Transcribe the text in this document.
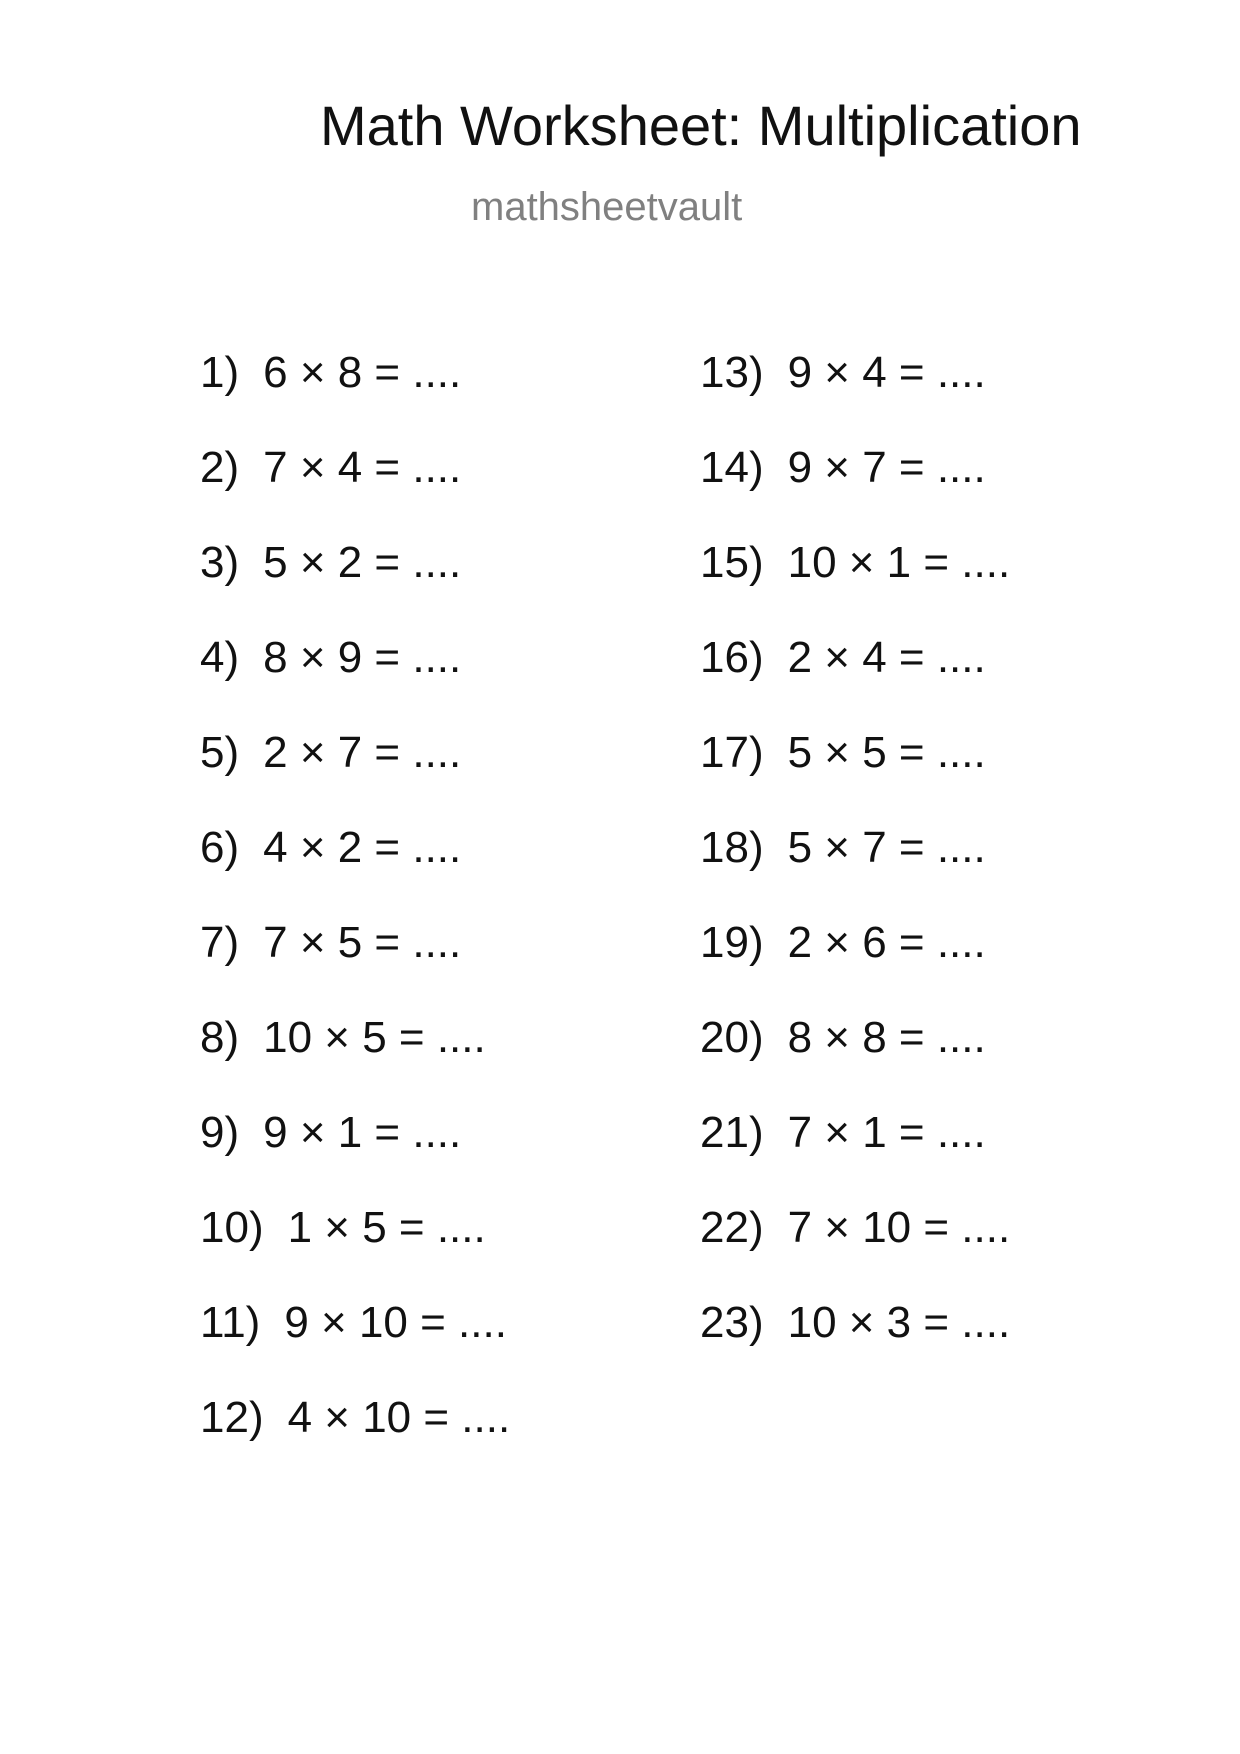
Math Worksheet: Multiplication
mathsheetvault
1) 6 × 8 = ....
2) 7 × 4 = ....
3) 5 × 2 = ....
4) 8 × 9 = ....
5) 2 × 7 = ....
6) 4 × 2 = ....
7) 7 × 5 = ....
8) 10 × 5 = ....
9) 9 × 1 = ....
10) 1 × 5 = ....
11) 9 × 10 = ....
12) 4 × 10 = ....
13) 9 × 4 = ....
14) 9 × 7 = ....
15) 10 × 1 = ....
16) 2 × 4 = ....
17) 5 × 5 = ....
18) 5 × 7 = ....
19) 2 × 6 = ....
20) 8 × 8 = ....
21) 7 × 1 = ....
22) 7 × 10 = ....
23) 10 × 3 = ....
